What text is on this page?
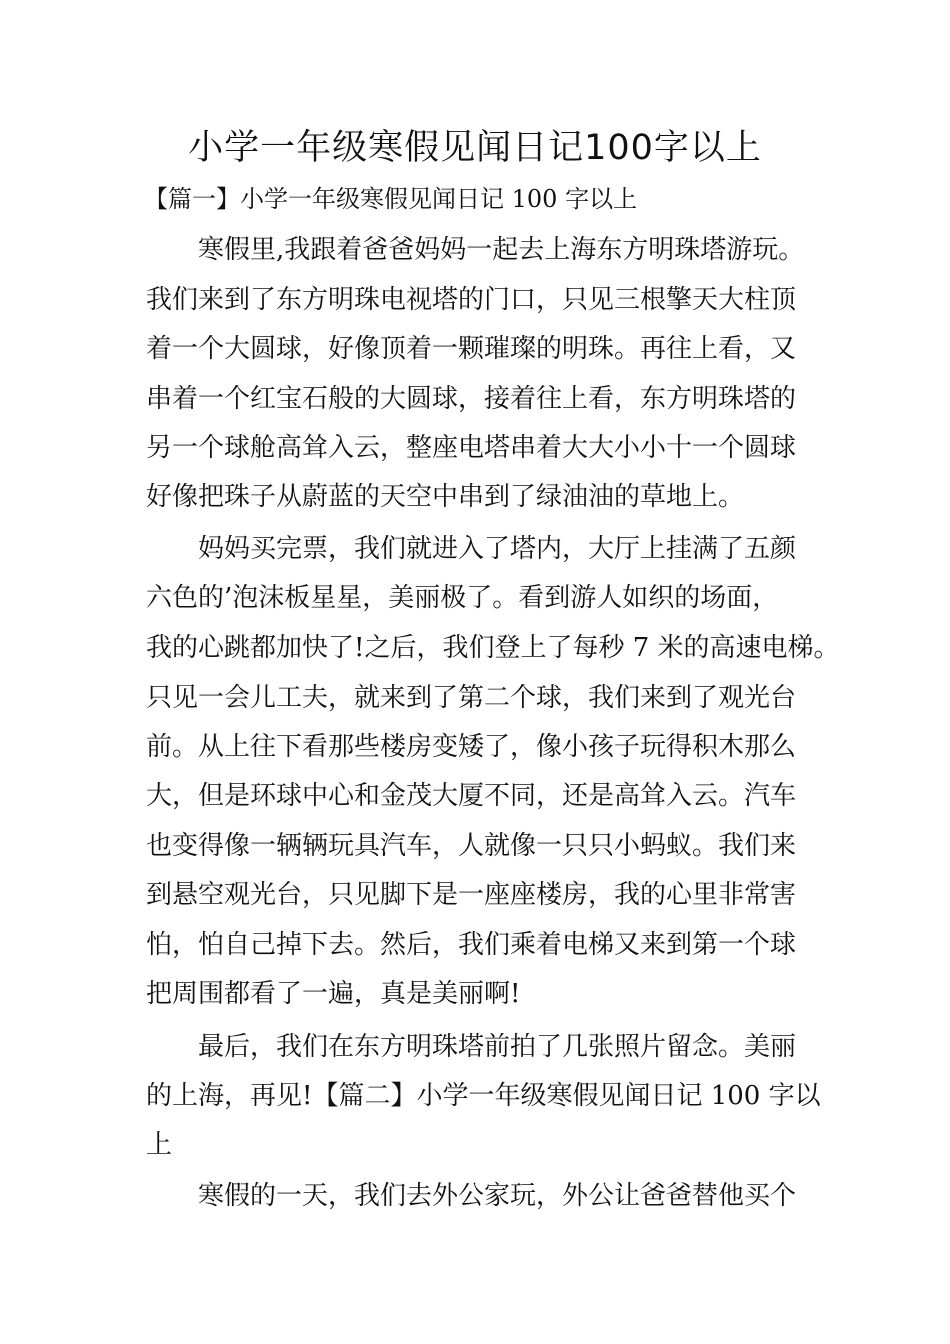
小学一年级寒假见闻日记100字以上

【篇一】小学一年级寒假见闻日记 100 字以上

寒假里,我跟着爸爸妈妈一起去上海东方明珠塔游玩。

我们来到了东方明珠电视塔的门口，只见三根擎天大柱顶

着一个大圆球，好像顶着一颗璀璨的明珠。再往上看，又

串着一个红宝石般的大圆球，接着往上看，东方明珠塔的

另一个球舱高耸入云，整座电塔串着大大小小十一个圆球

好像把珠子从蔚蓝的天空中串到了绿油油的草地上。

妈妈买完票，我们就进入了塔内，大厅上挂满了五颜

六色的’泡沫板星星，美丽极了。看到游人如织的场面，

我的心跳都加快了!之后，我们登上了每秒 7 米的高速电梯。

只见一会儿工夫，就来到了第二个球，我们来到了观光台

前。从上往下看那些楼房变矮了，像小孩子玩得积木那么

大，但是环球中心和金茂大厦不同，还是高耸入云。汽车

也变得像一辆辆玩具汽车，人就像一只只小蚂蚁。我们来

到悬空观光台，只见脚下是一座座楼房，我的心里非常害

怕，怕自己掉下去。然后，我们乘着电梯又来到第一个球

把周围都看了一遍，真是美丽啊!

最后，我们在东方明珠塔前拍了几张照片留念。美丽

的上海，再见!【篇二】小学一年级寒假见闻日记 100 字以

上

寒假的一天，我们去外公家玩，外公让爸爸替他买个
